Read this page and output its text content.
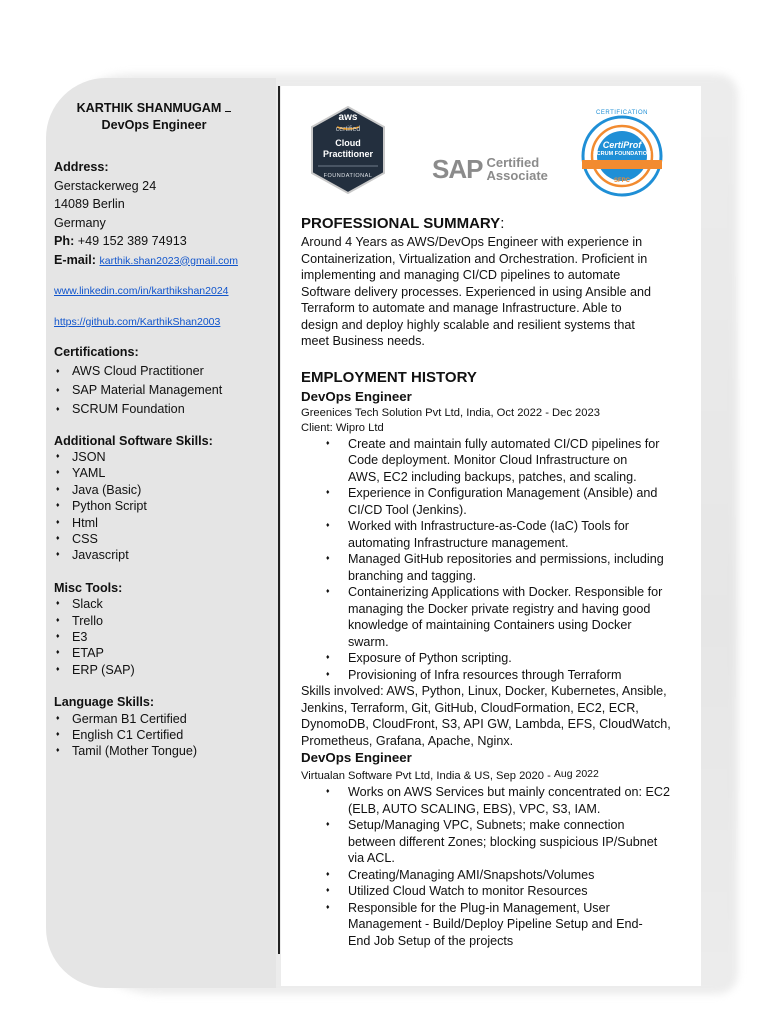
KARTHIK SHANMUGAM
DevOps Engineer
Address:
Gerstackerweg 24
14089 Berlin
Germany
Ph: +49 152 389 74913
E-mail: karthik.shan2023@gmail.com
www.linkedin.com/in/karthikshan2024
https://github.com/KarthikShan2003
Certifications:
♦ AWS Cloud Practitioner
♦ SAP Material Management
♦ SCRUM Foundation
Additional Software Skills:
♦ JSON
♦ YAML
♦ Java (Basic)
♦ Python Script
♦ Html
♦ CSS
♦ Javascript
Misc Tools:
♦ Slack
♦ Trello
♦ E3
♦ ETAP
♦ ERP (SAP)
Language Skills:
♦ German B1 Certified
♦ English C1 Certified
♦ Tamil (Mother Tongue)
aws
certified
Cloud
Practitioner
FOUNDATIONAL	SAP Certified
Associate
CERTIFICATION
CertiProf
SCRUM FOUNDATION
SFPC
PROFESSIONAL SUMMARY:
Around 4 Years as AWS/DevOps Engineer with experience in
Containerization, Virtualization and Orchestration. Proficient in
implementing and managing CI/CD pipelines to automate
Software delivery processes. Experienced in using Ansible and
Terraform to automate and manage Infrastructure. Able to
design and deploy highly scalable and resilient systems that
meet Business needs.
EMPLOYMENT HISTORY
DevOps Engineer
Greenices Tech Solution Pvt Ltd, India, Oct 2022 - Dec 2023
Client: Wipro Ltd
♦ Create and maintain fully automated CI/CD pipelines for
Code deployment. Monitor Cloud Infrastructure on
AWS, EC2 including backups, patches, and scaling.
♦ Experience in Configuration Management (Ansible) and
CI/CD Tool (Jenkins).
♦ Worked with Infrastructure-as-Code (IaC) Tools for
automating Infrastructure management.
♦ Managed GitHub repositories and permissions, including
branching and tagging.
♦ Containerizing Applications with Docker. Responsible for
managing the Docker private registry and having good
knowledge of maintaining Containers using Docker
swarm.
♦ Exposure of Python scripting.
♦ Provisioning of Infra resources through Terraform
Skills involved: AWS, Python, Linux, Docker, Kubernetes, Ansible,
Jenkins, Terraform, Git, GitHub, CloudFormation, EC2, ECR,
DynomoDB, CloudFront, S3, API GW, Lambda, EFS, CloudWatch,
Prometheus, Grafana, Apache, Nginx.
DevOps Engineer
Virtualan Software Pvt Ltd, India & US, Sep 2020 - Aug 2022
♦ Works on AWS Services but mainly concentrated on: EC2
(ELB, AUTO SCALING, EBS), VPC, S3, IAM.
♦ Setup/Managing VPC, Subnets; make connection
between different Zones; blocking suspicious IP/Subnet
via ACL.
♦ Creating/Managing AMI/Snapshots/Volumes
♦ Utilized Cloud Watch to monitor Resources
♦ Responsible for the Plug-in Management, User
Management - Build/Deploy Pipeline Setup and End-
End Job Setup of the projects
